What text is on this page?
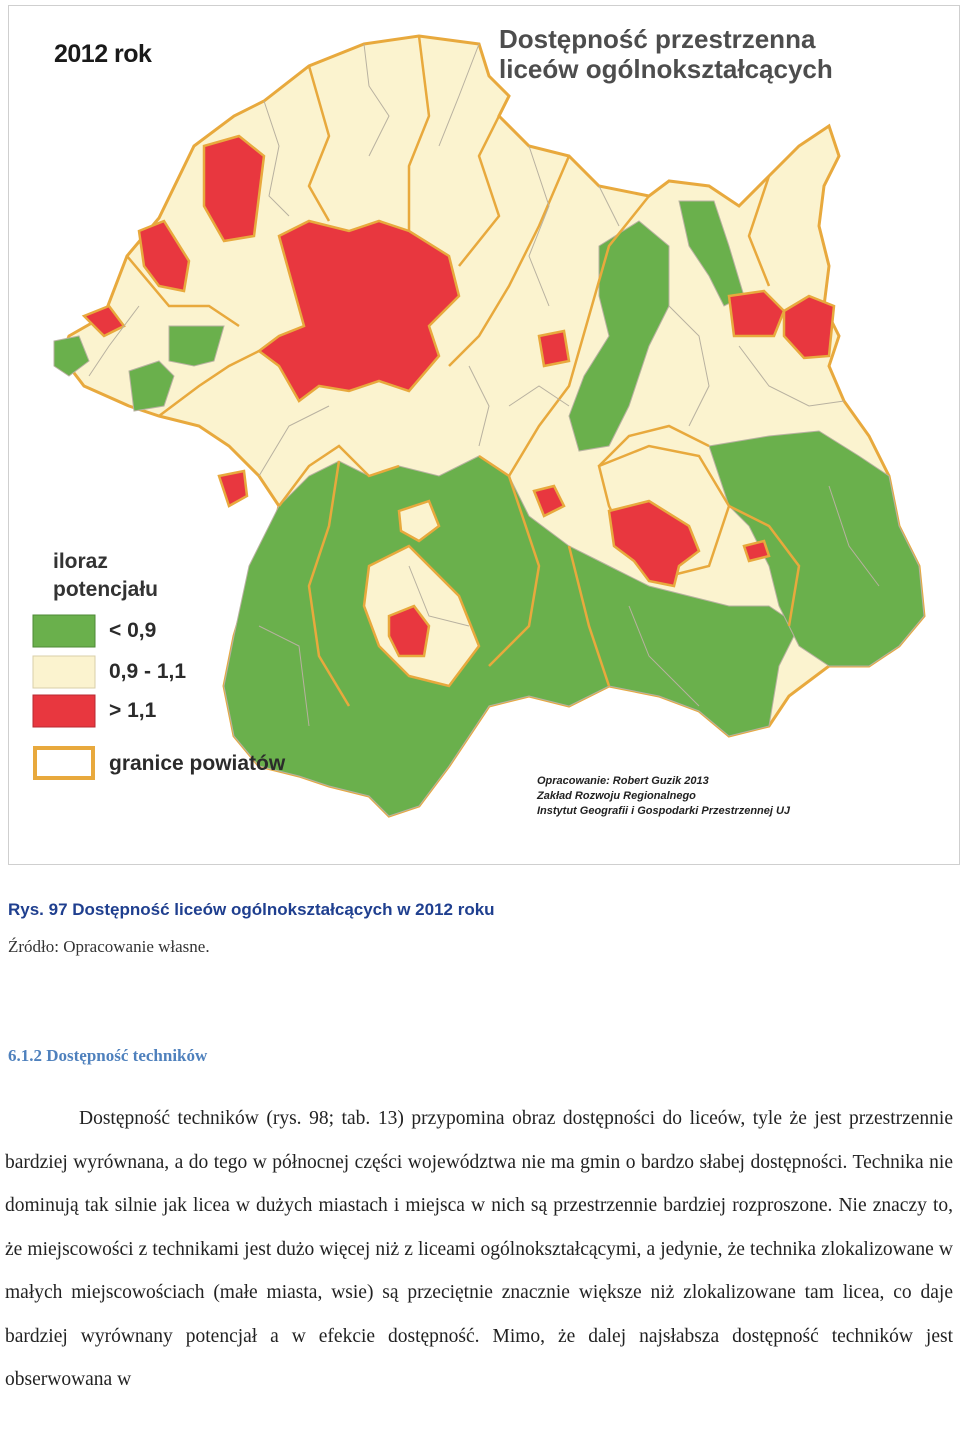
2012 rok	Dostępność przestrzenna
liceów ogólnokształcących
iloraz
potencjału
< 0,9
0,9 - 1,1
> 1,1
granice powiatów
Opracowanie: Robert Guzik 2013
Zakład Rozwoju Regionalnego
Instytut Geografii i Gospodarki Przestrzennej UJ
Rys. 97 Dostępność liceów ogólnokształcących w 2012 roku
Źródło: Opracowanie własne.
6.1.2 Dostępność techników

Dostępność techników (rys. 98; tab. 13) przypomina obraz dostępności do liceów, tyle że jest przestrzennie bardziej wyrównana, a do tego w północnej części województwa nie ma gmin o bardzo słabej dostępności. Technika nie dominują tak silnie jak licea w dużych miastach i miejsca w nich są przestrzennie bardziej rozproszone. Nie znaczy to, że miejscowości z technikami jest dużo więcej niż z liceami ogólnokształcącymi, a jedynie, że technika zlokalizowane w małych miejscowościach (małe miasta, wsie) są przeciętnie znacznie większe niż zlokalizowane tam licea, co daje bardziej wyrównany potencjał a w efekcie dostępność. Mimo, że dalej najsłabsza dostępność techników jest obserwowana w
